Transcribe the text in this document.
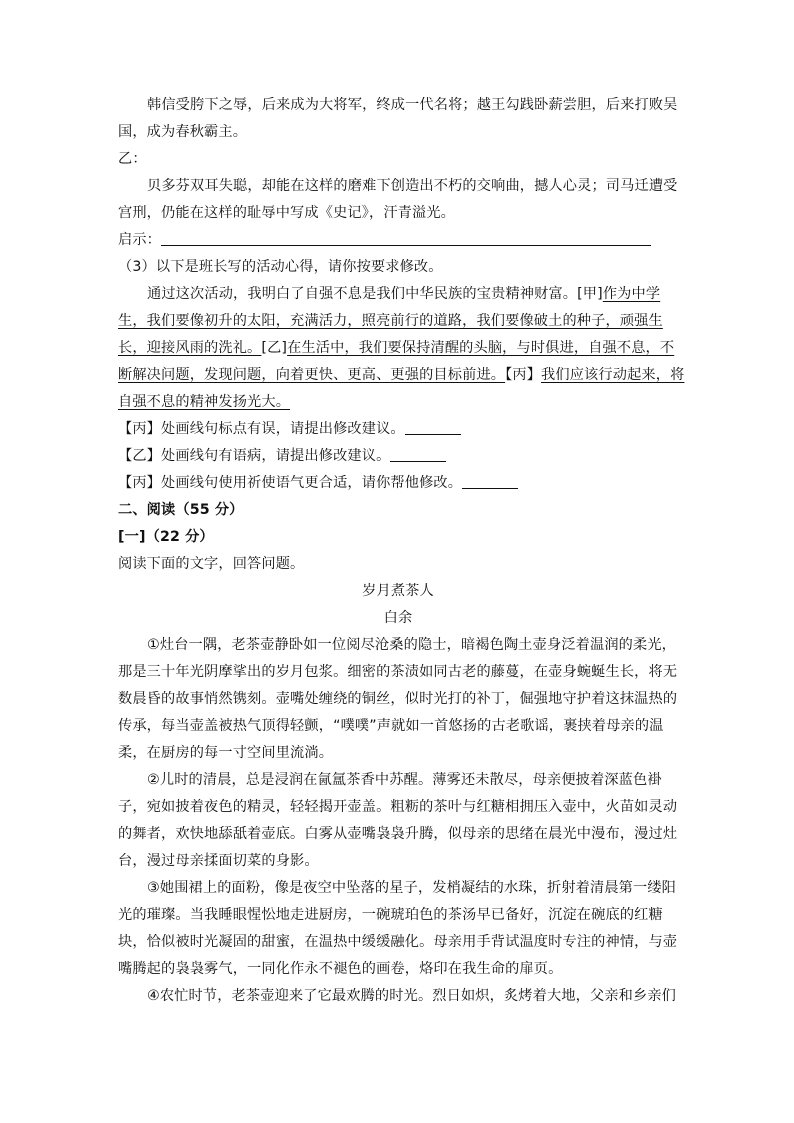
韩信受胯下之辱，后来成为大将军，终成一代名将；越王勾践卧薪尝胆，后来打败吴
国，成为春秋霸主。
乙：
贝多芬双耳失聪，却能在这样的磨难下创造出不朽的交响曲，撼人心灵；司马迁遭受
宫刑，仍能在这样的耻辱中写成《史记》，汗青溢光。
启示：
（3）以下是班长写的活动心得，请你按要求修改。
通过这次活动，我明白了自强不息是我们中华民族的宝贵精神财富。[甲]作为中学
生，我们要像初升的太阳，充满活力，照亮前行的道路，我们要像破土的种子，顽强生
长，迎接风雨的洗礼。[乙]在生活中，我们要保持清醒的头脑，与时俱进，自强不息，不
断解决问题，发现问题，向着更快、更高、更强的目标前进。【丙】我们应该行动起来，将
自强不息的精神发扬光大。
【丙】处画线句标点有误，请提出修改建议。
【乙】处画线句有语病，请提出修改建议。
【丙】处画线句使用祈使语气更合适，请你帮他修改。
二、阅读（55 分）
[一]（22 分）
阅读下面的文字，回答问题。
岁月煮茶人
白余
①灶台一隅，老茶壶静卧如一位阅尽沧桑的隐士，暗褐色陶土壶身泛着温润的柔光，
那是三十年光阴摩挲出的岁月包浆。细密的茶渍如同古老的藤蔓，在壶身蜿蜒生长，将无
数晨昏的故事悄然镌刻。壶嘴处缠绕的铜丝，似时光打的补丁，倔强地守护着这抹温热的
传承，每当壶盖被热气顶得轻颤，“噗噗”声就如一首悠扬的古老歌谣，裹挟着母亲的温
柔，在厨房的每一寸空间里流淌。
②儿时的清晨，总是浸润在氤氲茶香中苏醒。薄雾还未散尽，母亲便披着深蓝色褂
子，宛如披着夜色的精灵，轻轻揭开壶盖。粗粝的茶叶与红糖相拥压入壶中，火苗如灵动
的舞者，欢快地舔舐着壶底。白雾从壶嘴袅袅升腾，似母亲的思绪在晨光中漫布，漫过灶
台，漫过母亲揉面切菜的身影。
③她围裙上的面粉，像是夜空中坠落的星子，发梢凝结的水珠，折射着清晨第一缕阳
光的璀璨。当我睡眼惺忪地走进厨房，一碗琥珀色的茶汤早已备好，沉淀在碗底的红糖
块，恰似被时光凝固的甜蜜，在温热中缓缓融化。母亲用手背试温度时专注的神情，与壶
嘴腾起的袅袅雾气，一同化作永不褪色的画卷，烙印在我生命的扉页。
④农忙时节，老茶壶迎来了它最欢腾的时光。烈日如炽，炙烤着大地，父亲和乡亲们
